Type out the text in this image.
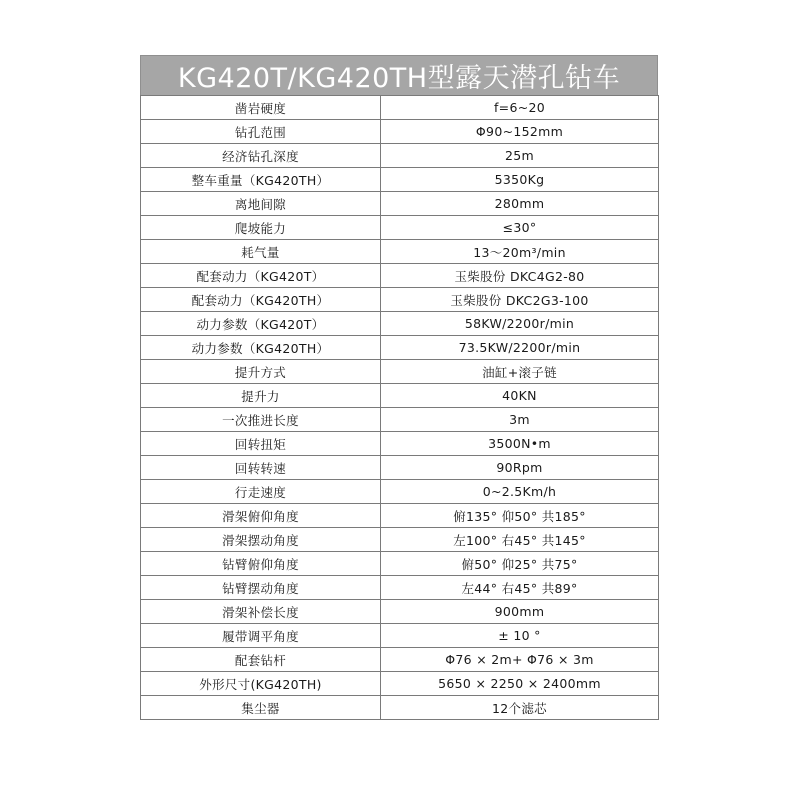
KG420T/KG420TH型露天潜孔钻车
凿岩硬度	f=6~20
钻孔范围	Φ90~152mm
经济钻孔深度	25m
整车重量（KG420TH）	5350Kg
离地间隙	280mm
爬坡能力	≤30°
耗气量	13～20m³/min
配套动力（KG420T）	玉柴股份 DKC4G2-80
配套动力（KG420TH）	玉柴股份 DKC2G3-100
动力参数（KG420T）	58KW/2200r/min
动力参数（KG420TH）	73.5KW/2200r/min
提升方式	油缸+滚子链
提升力	40KN
一次推进长度	3m
回转扭矩	3500N•m
回转转速	90Rpm
行走速度	0~2.5Km/h
滑架俯仰角度	俯135° 仰50° 共185°
滑架摆动角度	左100° 右45° 共145°
钻臂俯仰角度	俯50° 仰25° 共75°
钻臂摆动角度	左44° 右45° 共89°
滑架补偿长度	900mm
履带调平角度	± 10 °
配套钻杆	Φ76 × 2m+ Φ76 × 3m
外形尺寸(KG420TH)	5650 × 2250 × 2400mm
集尘器	12个滤芯
